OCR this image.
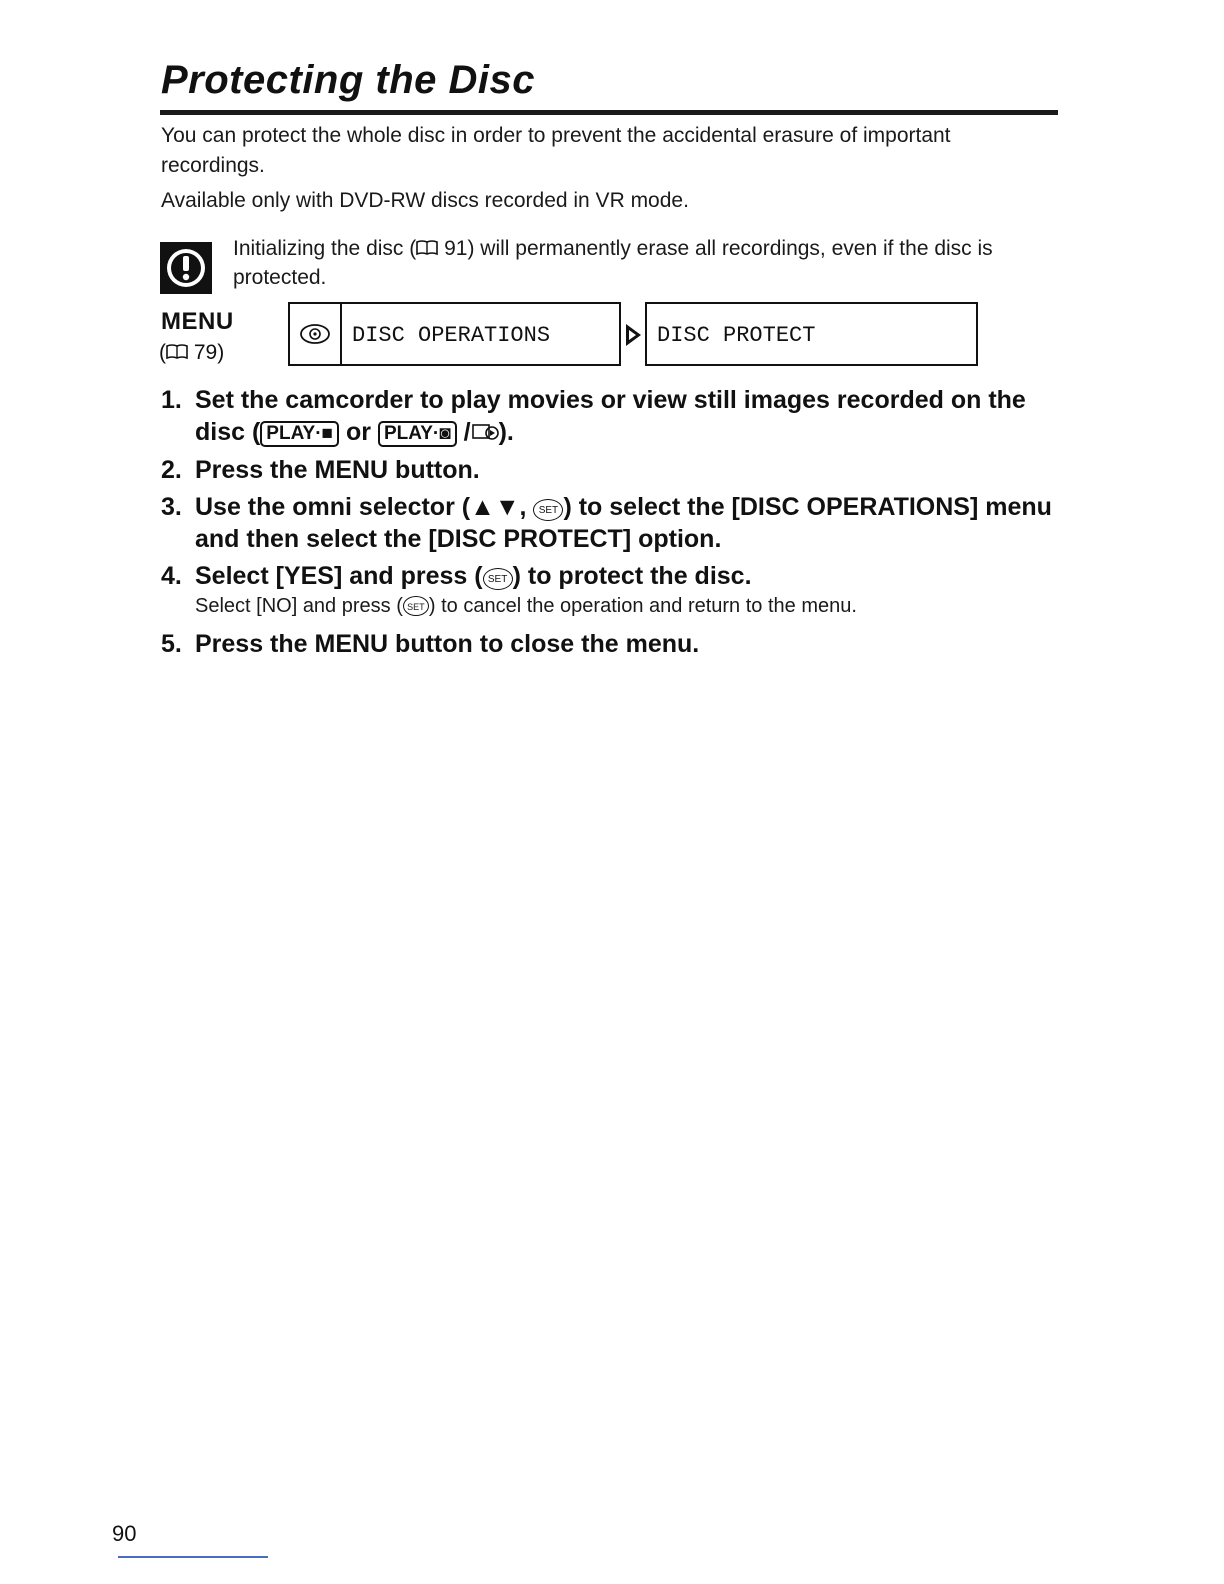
Protecting the Disc

You can protect the whole disc in order to prevent the accidental erasure of important recordings.

Available only with DVD-RW discs recorded in VR mode.

Initializing the disc ( 91) will permanently erase all recordings, even if the disc is protected.

MENU
( 79)
DISC OPERATIONS	DISC PROTECT
1. Set the camcorder to play movies or view still images recorded on the disc ( PLAY·■ or PLAY·◙ / ).
2. Press the MENU button.
3. Use the omni selector (▲▼, SET ) to select the [DISC OPERATIONS] menu and then select the [DISC PROTECT] option.
4. Select [YES] and press ( SET ) to protect the disc.
Select [NO] and press ( SET ) to cancel the operation and return to the menu.
5. Press the MENU button to close the menu.
90
